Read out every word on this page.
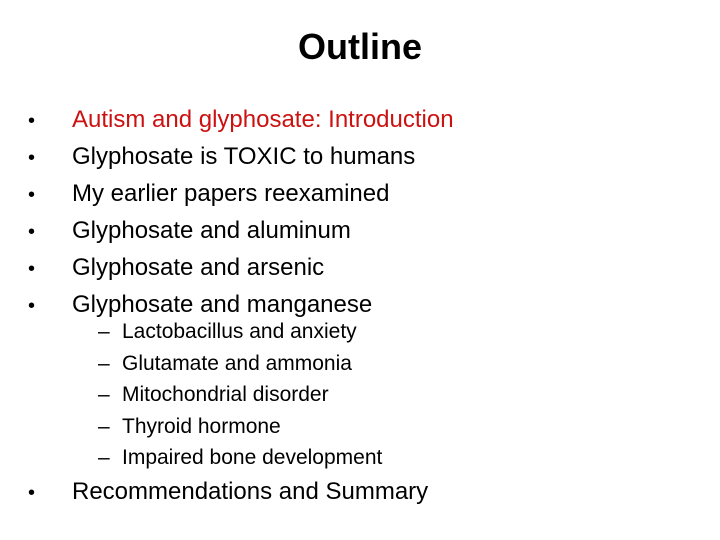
Outline
•	Autism and glyphosate: Introduction
•	Glyphosate is TOXIC to humans
•	My earlier papers reexamined
•	Glyphosate and aluminum
•	Glyphosate and arsenic
•	Glyphosate and manganese
– Lactobacillus and anxiety
– Glutamate and ammonia
– Mitochondrial disorder
– Thyroid hormone
– Impaired bone development
•	Recommendations and Summary
